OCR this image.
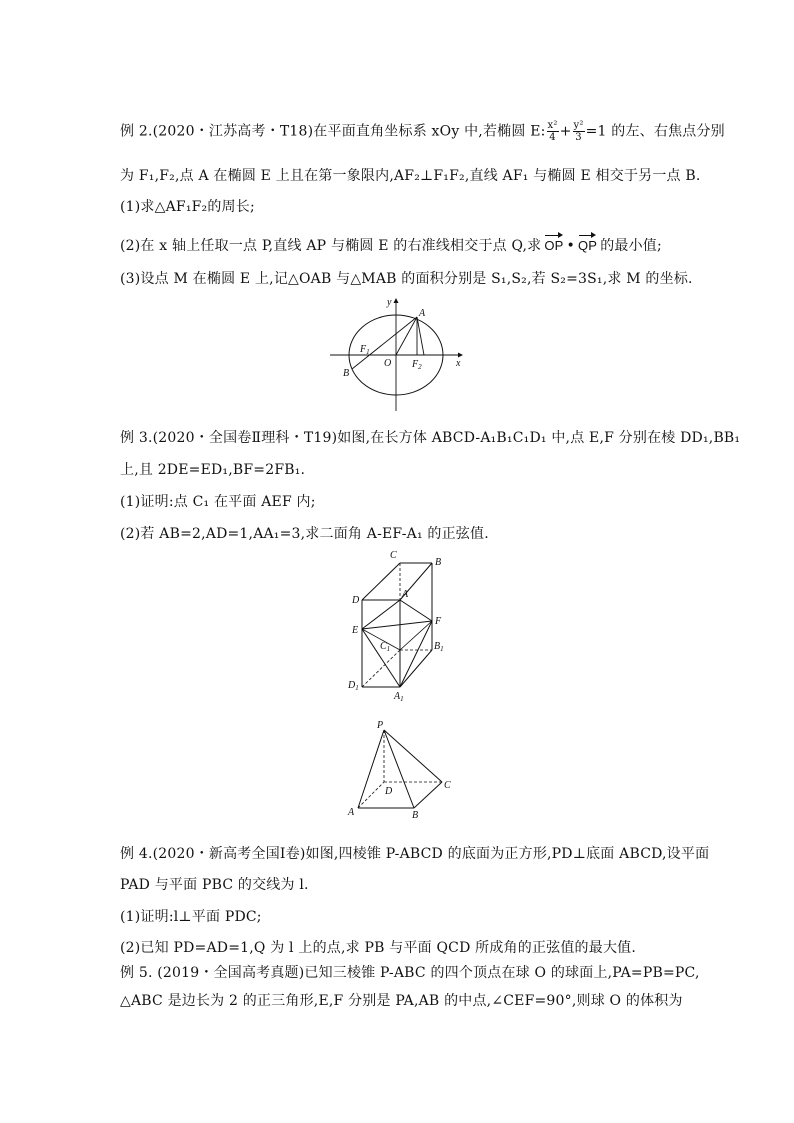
例 2.(2020・江苏高考・T18)在平面直角坐标系 xOy 中,若椭圆 E: $\frac{\text{x²}}{4} + \frac{\text{y²}}{3} =1$ 的左、右焦点分别
为 F₁,F₂,点 A 在椭圆 E 上且在第一象限内,AF₂⊥F₁F₂,直线 AF₁ 与椭圆 E 相交于另一点 B.
(1)求△AF₁F₂的周长;
(2)在 x 轴上任取一点 P,直线 AP 与椭圆 E 的右准线相交于点 Q,求 OP • QP 的最小值;
(3)设点 M 在椭圆 E 上,记△OAB 与△MAB 的面积分别是 S₁,S₂,若 S₂=3S₁,求 M 的坐标.
y
x
A
B
O
$F_1$
$F_2$
例 3.(2020・全国卷Ⅱ理科・T19)如图,在长方体 ABCD-A₁B₁C₁D₁ 中,点 E,F 分别在棱 DD₁,BB₁
上,且 2DE=ED₁,BF=2FB₁.
(1)证明:点 C₁ 在平面 AEF 内;
(2)若 AB=2,AD=1,AA₁=3,求二面角 A-EF-A₁ 的正弦值.
C
B
D
A
E
F
$C_1$	$B_1$
$D_1$
$A_1$
P
D
C
A	B
例 4.(2020・新高考全国Ⅰ卷)如图,四棱锥 P-ABCD 的底面为正方形,PD⊥底面 ABCD,设平面
PAD 与平面 PBC 的交线为 l.
(1)证明:l⊥平面 PDC;
(2)已知 PD=AD=1,Q 为 l 上的点,求 PB 与平面 QCD 所成角的正弦值的最大值.
例 5. (2019・全国高考真题)已知三棱锥 P-ABC 的四个顶点在球 O 的球面上,PA=PB=PC,
△ABC 是边长为 2 的正三角形,E,F 分别是 PA,AB 的中点,∠CEF=90°,则球 O 的体积为
